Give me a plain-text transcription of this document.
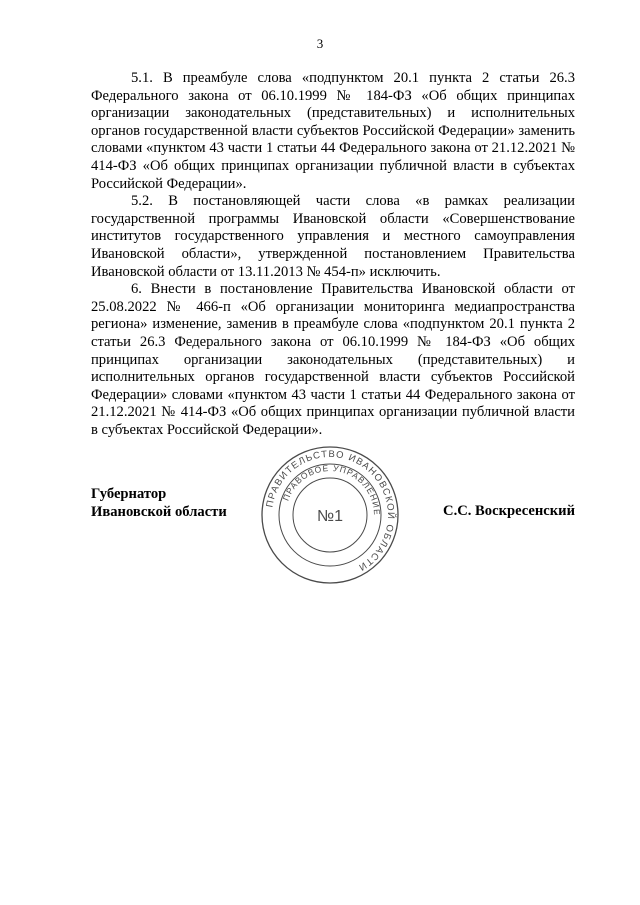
3

5.1. В преамбуле слова «подпунктом 20.1 пункта 2 статьи 26.3 Федерального закона от 06.10.1999 № 184-ФЗ «Об общих принципах организации законодательных (представительных) и исполнительных органов государственной власти субъектов Российской Федерации» заменить словами «пунктом 43 части 1 статьи 44 Федерального закона от 21.12.2021 № 414-ФЗ «Об общих принципах организации публичной власти в субъектах Российской Федерации».

5.2. В постановляющей части слова «в рамках реализации государственной программы Ивановской области «Совершенствование институтов государственного управления и местного самоуправления Ивановской области», утвержденной постановлением Правительства Ивановской области от 13.11.2013 № 454-п» исключить.

6. Внести в постановление Правительства Ивановской области от 25.08.2022 № 466-п «Об организации мониторинга медиапространства региона» изменение, заменив в преамбуле слова «подпунктом 20.1 пункта 2 статьи 26.3 Федерального закона от 06.10.1999 № 184-ФЗ «Об общих принципах организации законодательных (представительных) и исполнительных органов государственной власти субъектов Российской Федерации» словами «пунктом 43 части 1 статьи 44 Федерального закона от 21.12.2021 № 414-ФЗ «Об общих принципах организации публичной власти в субъектах Российской Федерации».

Губернатор
Ивановской области
ПРАВИТЕЛЬСТВО ИВАНОВСКОЙ ОБЛАСТИ
ПРАВОВОЕ УПРАВЛЕНИЕ
№1	С.С. Воскресенский
